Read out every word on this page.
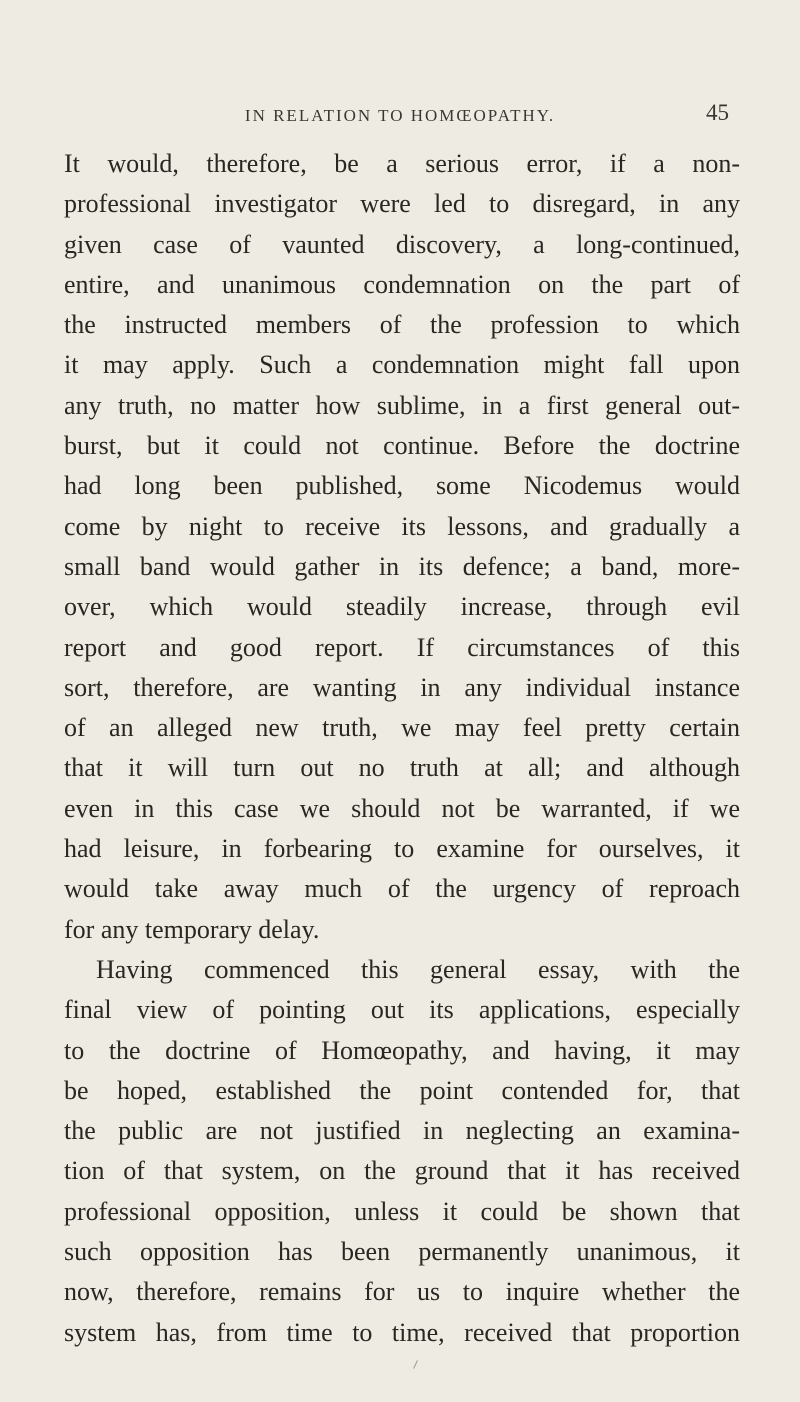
IN RELATION TO HOMŒOPATHY.	45
It would, therefore, be a serious error, if a non-
professional investigator were led to disregard, in any
given case of vaunted discovery, a long-continued,
entire, and unanimous condemnation on the part of
the instructed members of the profession to which
it may apply. Such a condemnation might fall upon
any truth, no matter how sublime, in a first general out-
burst, but it could not continue. Before the doctrine
had long been published, some Nicodemus would
come by night to receive its lessons, and gradually a
small band would gather in its defence; a band, more-
over, which would steadily increase, through evil
report and good report. If circumstances of this
sort, therefore, are wanting in any individual instance
of an alleged new truth, we may feel pretty certain
that it will turn out no truth at all; and although
even in this case we should not be warranted, if we
had leisure, in forbearing to examine for ourselves, it
would take away much of the urgency of reproach
for any temporary delay.
Having commenced this general essay, with the
final view of pointing out its applications, especially
to the doctrine of Homœopathy, and having, it may
be hoped, established the point contended for, that
the public are not justified in neglecting an examina-
tion of that system, on the ground that it has received
professional opposition, unless it could be shown that
such opposition has been permanently unanimous, it
now, therefore, remains for us to inquire whether the
system has, from time to time, received that proportion
